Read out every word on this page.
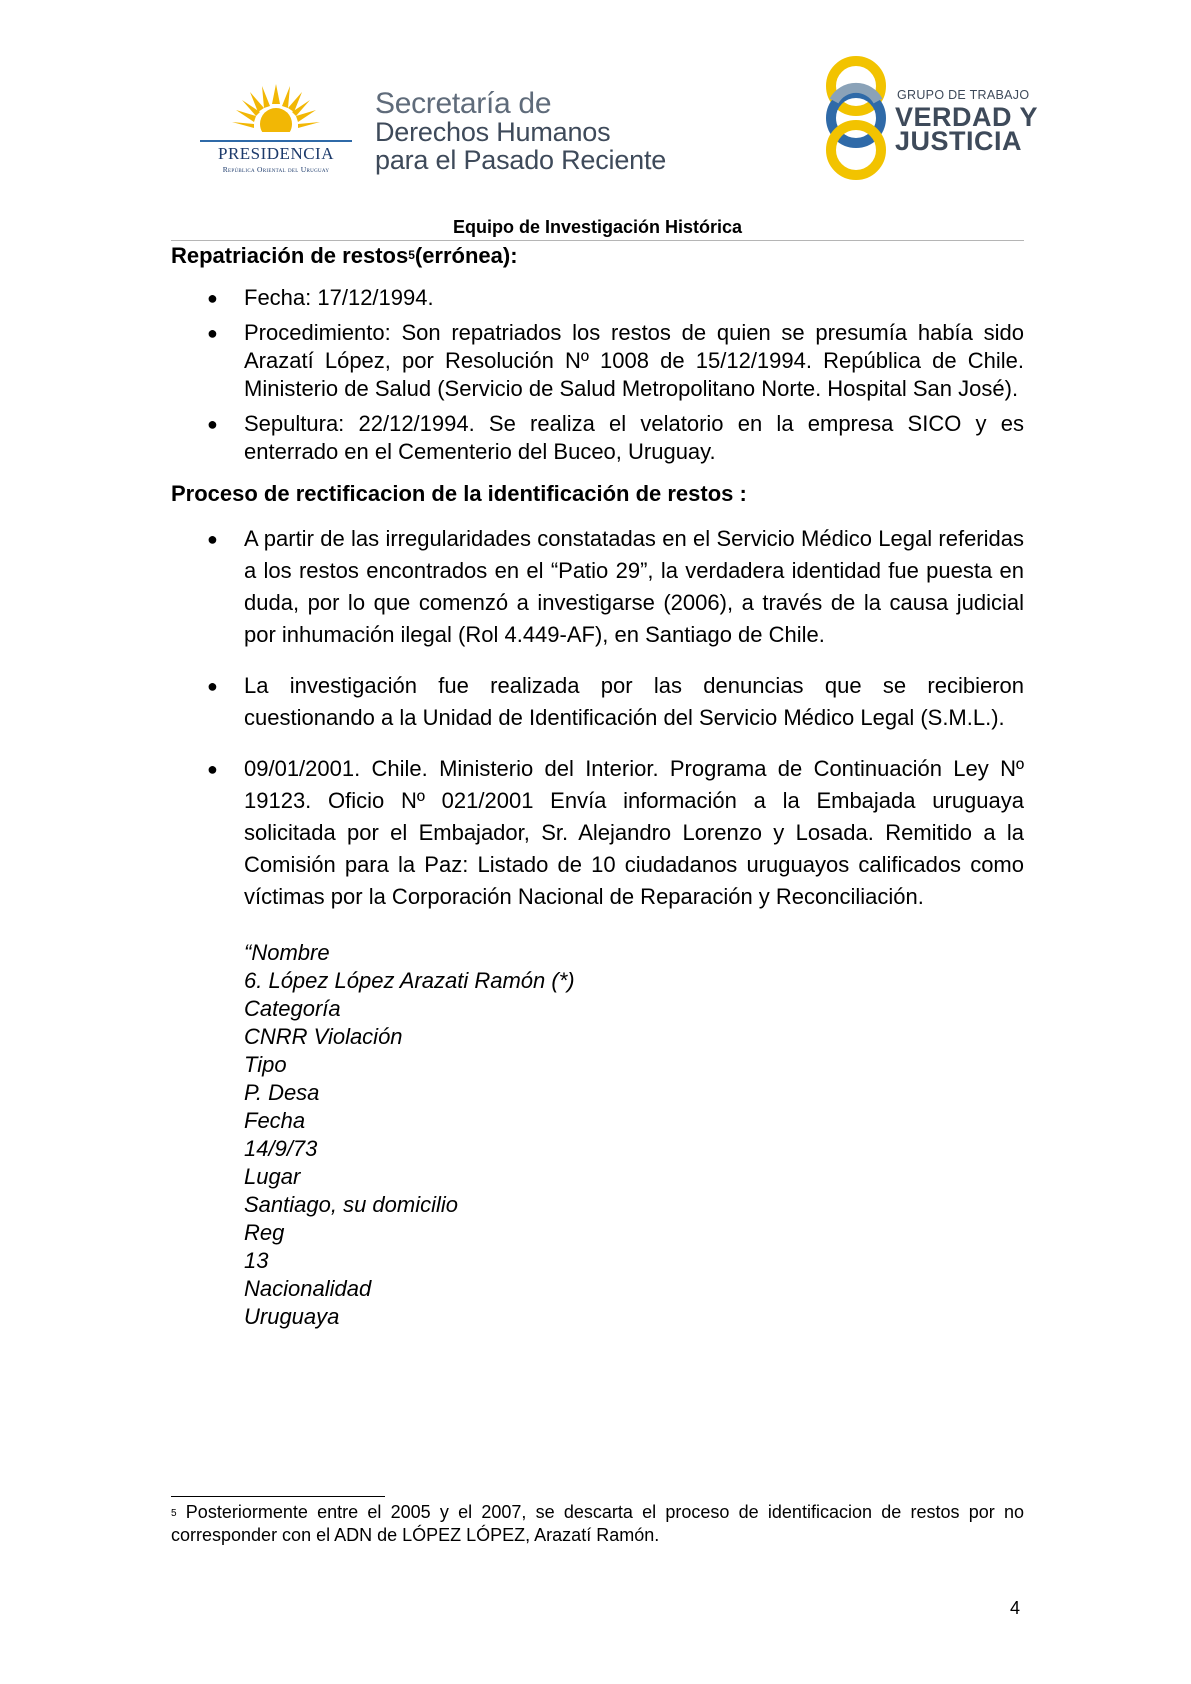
PRESIDENCIA
República Oriental del Uruguay
Secretaría de
Derechos Humanos
para el Pasado Reciente
GRUPO DE TRABAJO
VERDAD Y
JUSTICIA
Equipo de Investigación Histórica
Repatriación de restos$^5$(errónea):
● Fecha: 17/12/1994.
● Procedimiento: Son repatriados los restos de quien se presumía había sido Arazatí López, por Resolución Nº 1008 de 15/12/1994. República de Chile. Ministerio de Salud (Servicio de Salud Metropolitano Norte. Hospital San José).
● Sepultura: 22/12/1994. Se realiza el velatorio en la empresa SICO y es enterrado en el Cementerio del Buceo, Uruguay.
Proceso de rectificacion de la identificación de restos :
● A partir de las irregularidades constatadas en el Servicio Médico Legal referidas a los restos encontrados en el “Patio 29”, la verdadera identidad fue puesta en duda, por lo que comenzó a investigarse (2006), a través de la causa judicial por inhumación ilegal (Rol 4.449-AF), en Santiago de Chile.
● La investigación fue realizada por las denuncias que se recibieron cuestionando a la Unidad de Identificación del Servicio Médico Legal (S.M.L.).
● 09/01/2001. Chile. Ministerio del Interior. Programa de Continuación Ley Nº 19123. Oficio Nº 021/2001 Envía información a la Embajada uruguaya solicitada por el Embajador, Sr. Alejandro Lorenzo y Losada. Remitido a la Comisión para la Paz: Listado de 10 ciudadanos uruguayos calificados como víctimas por la Corporación Nacional de Reparación y Reconciliación.
“Nombre
6. López López Arazati Ramón (*)
Categoría
CNRR Violación
Tipo
P. Desa
Fecha
14/9/73
Lugar
Santiago, su domicilio
Reg
13
Nacionalidad
Uruguaya
$^5$ Posteriormente entre el 2005 y el 2007, se descarta el proceso de identificacion de restos por no corresponder con el ADN de LÓPEZ LÓPEZ, Arazatí Ramón.
4
